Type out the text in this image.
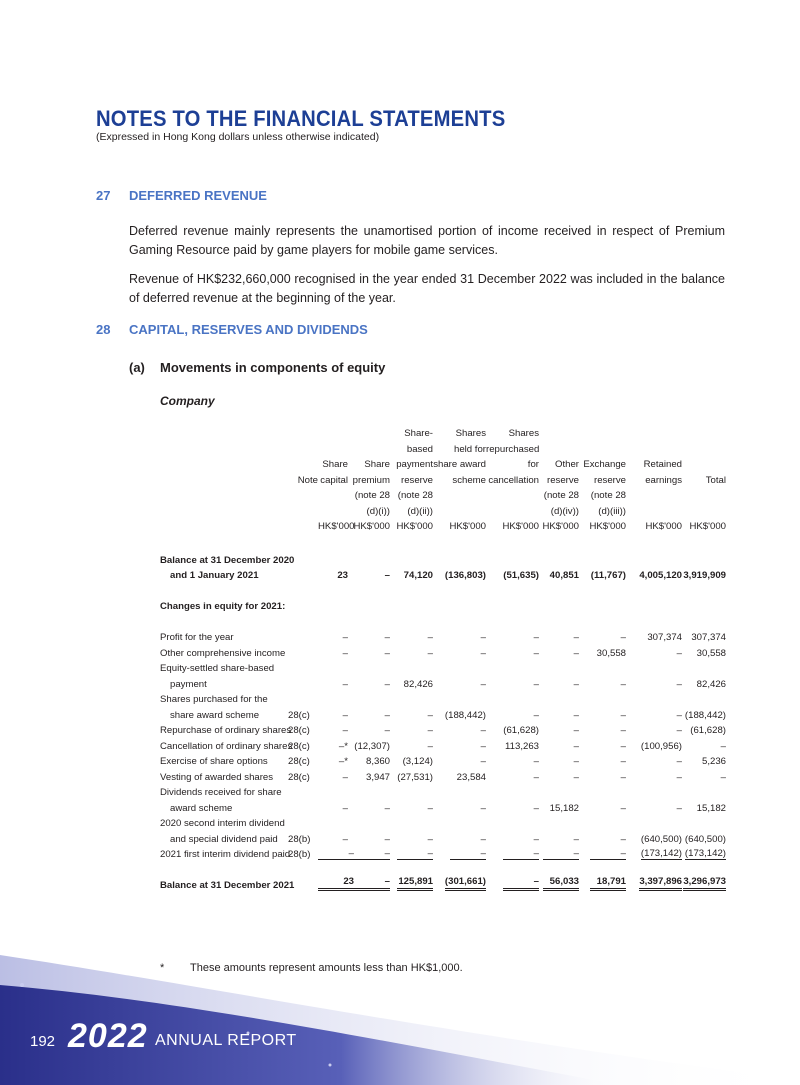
NOTES TO THE FINANCIAL STATEMENTS
(Expressed in Hong Kong dollars unless otherwise indicated)
27 DEFERRED REVENUE
Deferred revenue mainly represents the unamortised portion of income received in respect of Premium Gaming Resource paid by game players for mobile game services.
Revenue of HK$232,660,000 recognised in the year ended 31 December 2022 was included in the balance of deferred revenue at the beginning of the year.
28 CAPITAL, RESERVES AND DIVIDENDS
(a) Movements in components of equity
Company
				Share-	Shares	Shares				
				based	held for	repurchased				
		Share	Share	payment	share award	for	Other	Exchange	Retained	
	Note	capital	premium	reserve	scheme	cancellation	reserve	reserve	earnings	Total
			(note 28	(note 28			(note 28	(note 28		
			(d)(i))	(d)(ii))			(d)(iv))	(d)(iii))		
		HK$'000	HK$'000	HK$'000	HK$'000	HK$'000	HK$'000	HK$'000	HK$'000	HK$'000

Balance at 31 December 2020										
and 1 January 2021		23	–	74,120	(136,803)	(51,635)	40,851	(11,767)	4,005,120	3,919,909

Changes in equity for 2021:										

Profit for the year		–	–	–	–	–	–	–	307,374	307,374
Other comprehensive income		–	–	–	–	–	–	30,558	–	30,558
Equity-settled share-based										
payment		–	–	82,426	–	–	–	–	–	82,426
Shares purchased for the										
share award scheme	28(c)	–	–	–	(188,442)	–	–	–	–	(188,442)
Repurchase of ordinary shares	28(c)	–	–	–	–	(61,628)	–	–	–	(61,628)
Cancellation of ordinary shares	28(c)	–*	(12,307)	–	–	113,263	–	–	(100,956)	–
Exercise of share options	28(c)	–*	8,360	(3,124)	–	–	–	–	–	5,236
Vesting of awarded shares	28(c)	–	3,947	(27,531)	23,584	–	–	–	–	–
Dividends received for share										
award scheme		–	–	–	–	–	15,182	–	–	15,182
2020 second interim dividend										
and special dividend paid	28(b)	–	–	–	–	–	–	–	(640,500)	(640,500)
2021 first interim dividend paid	28(b)	–	–	–	–	–	–	–	(173,142)	(173,142)

Balance at 31 December 2021		23	–	125,891	(301,661)	–	56,033	18,791	3,397,896	3,296,973
* These amounts represent amounts less than HK$1,000.
192 2022 ANNUAL REPORT
